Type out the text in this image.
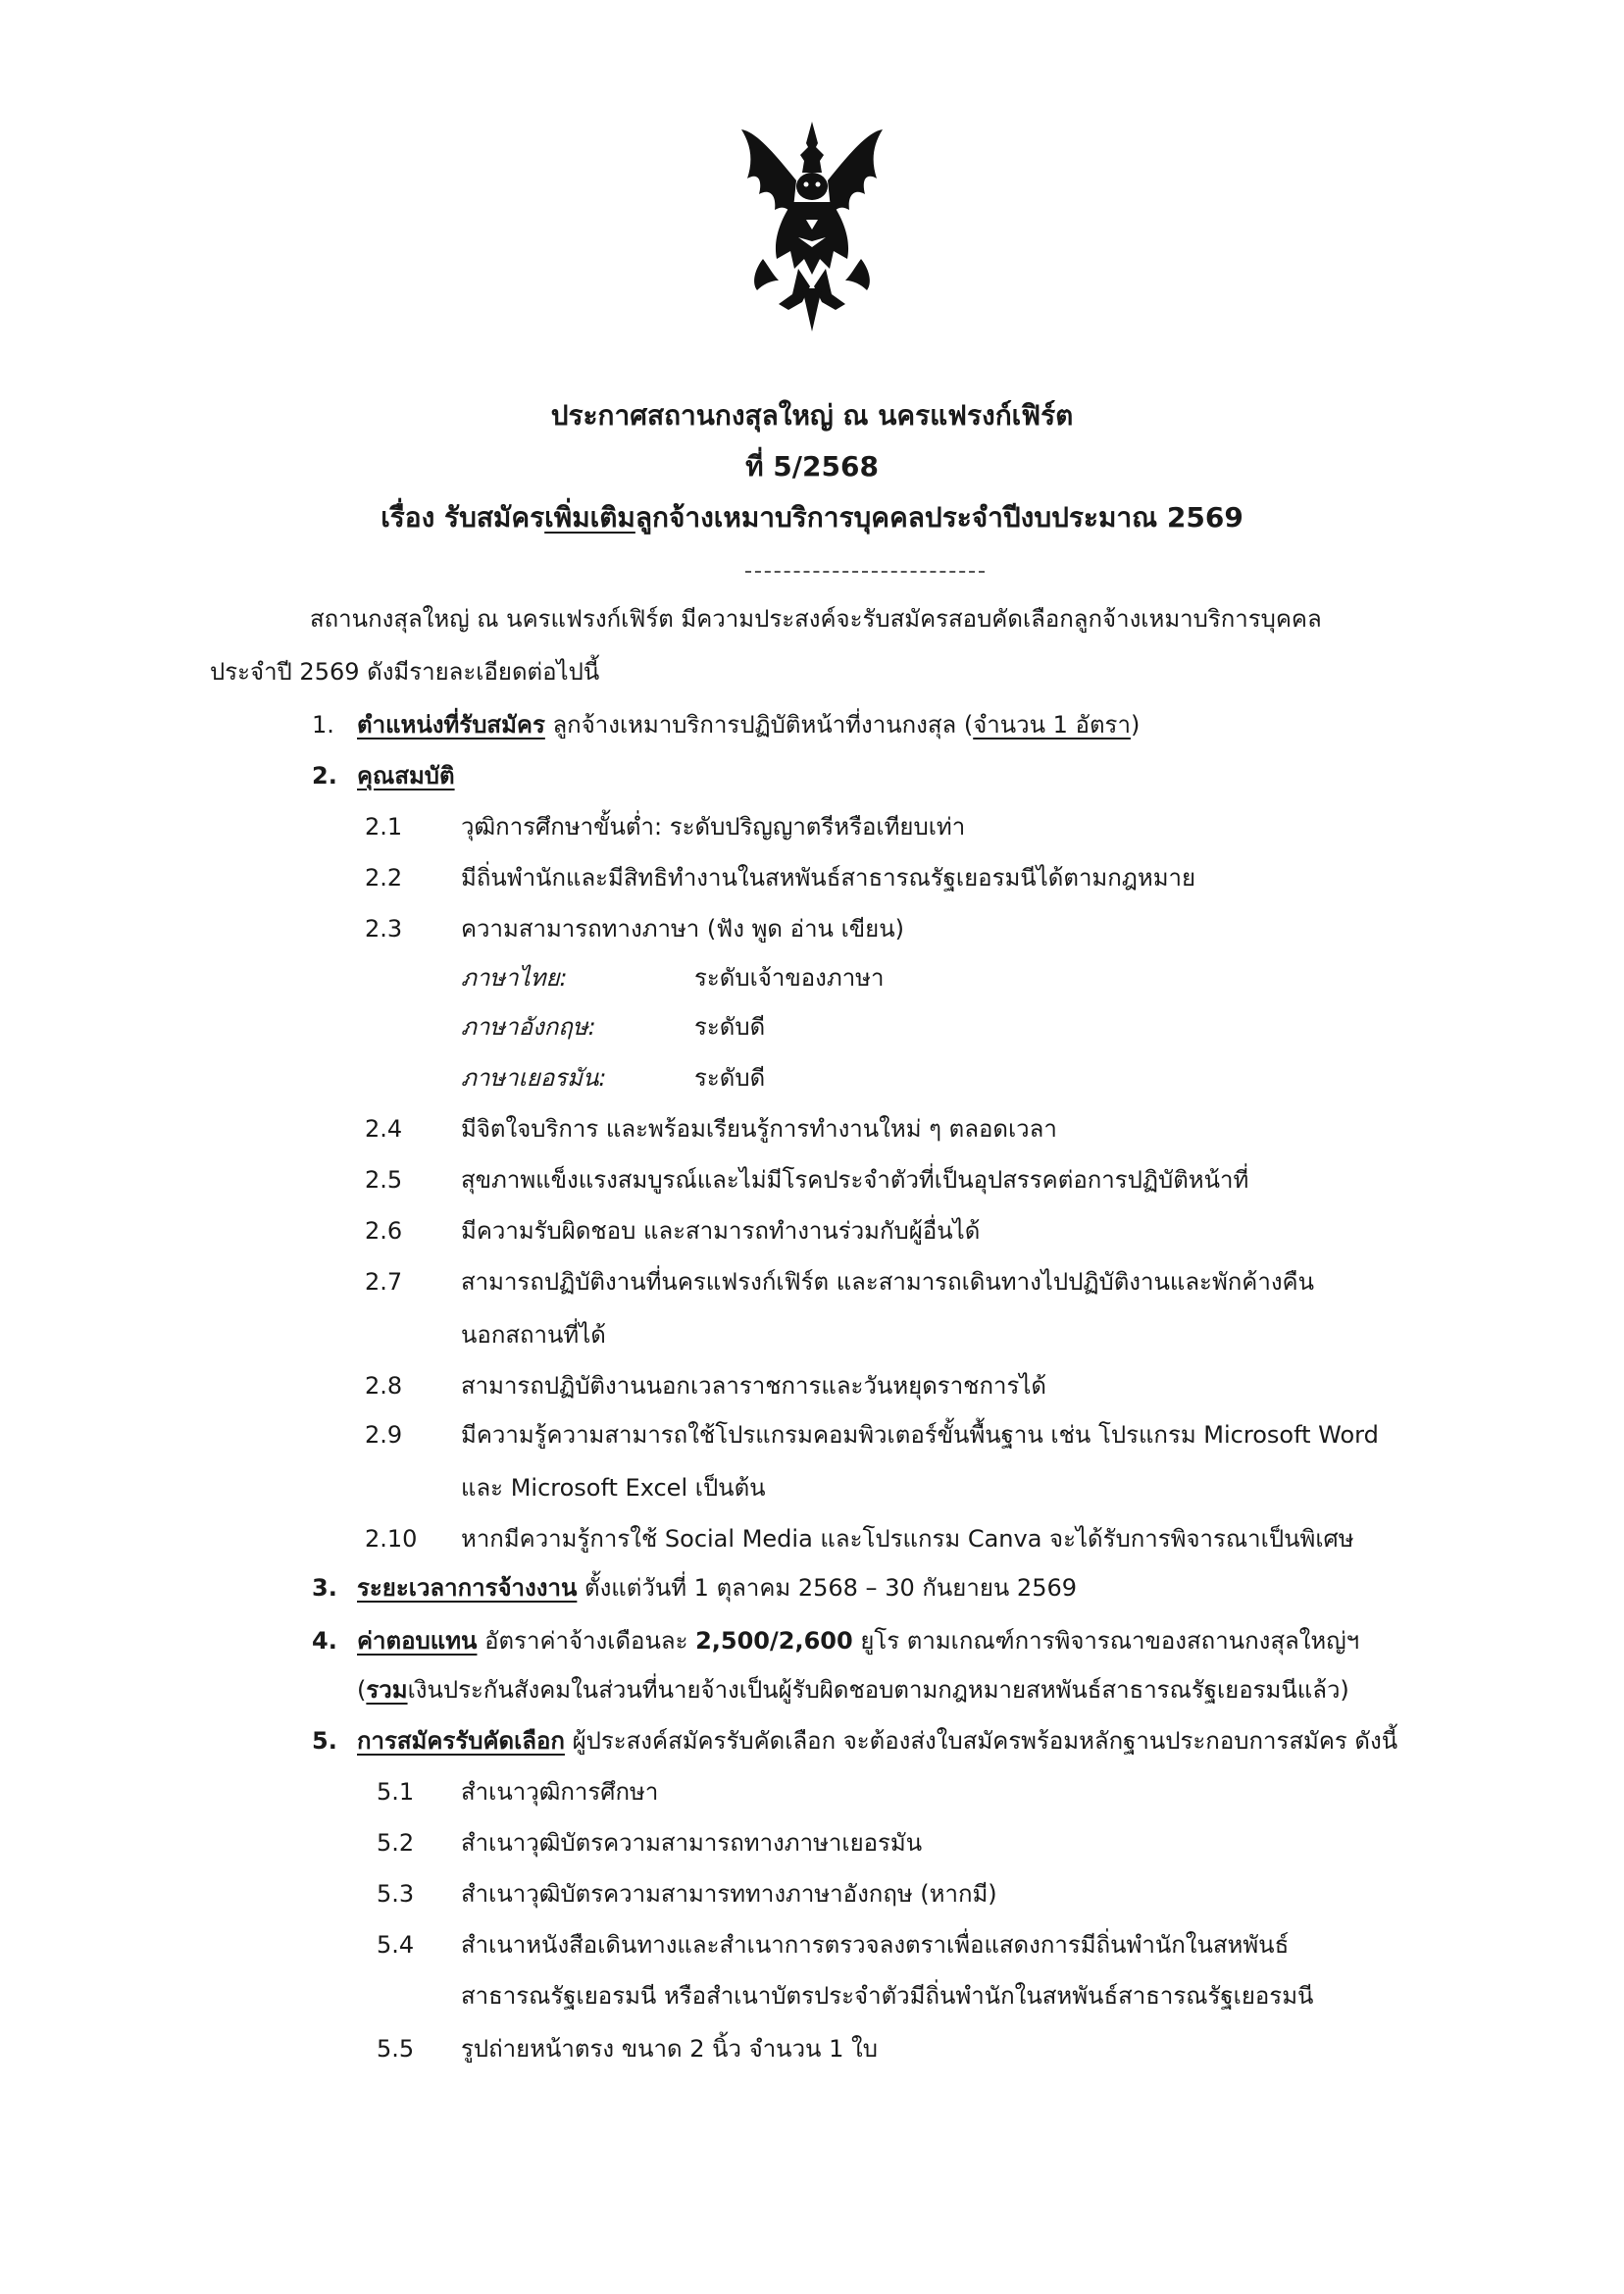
ประกาศสถานกงสุลใหญ่ ณ นครแฟรงก์เฟิร์ต
ที่ 5/2568
เรื่อง รับสมัครเพิ่มเติมลูกจ้างเหมาบริการบุคคลประจำปีงบประมาณ 2569
สถานกงสุลใหญ่ ณ นครแฟรงก์เฟิร์ต มีความประสงค์จะรับสมัครสอบคัดเลือกลูกจ้างเหมาบริการบุคคล
ประจำปี 2569 ดังมีรายละเอียดต่อไปนี้
1. ตำแหน่งที่รับสมัคร ลูกจ้างเหมาบริการปฏิบัติหน้าที่งานกงสุล (จำนวน 1 อัตรา)
2. คุณสมบัติ
2.1 วุฒิการศึกษาขั้นต่ำ: ระดับปริญญาตรีหรือเทียบเท่า
2.2 มีถิ่นพำนักและมีสิทธิทำงานในสหพันธ์สาธารณรัฐเยอรมนีได้ตามกฎหมาย
2.3 ความสามารถทางภาษา (ฟัง พูด อ่าน เขียน)
ภาษาไทย:	ระดับเจ้าของภาษา
ภาษาอังกฤษ:	ระดับดี
ภาษาเยอรมัน:	ระดับดี
2.4 มีจิตใจบริการ และพร้อมเรียนรู้การทำงานใหม่ ๆ ตลอดเวลา
2.5 สุขภาพแข็งแรงสมบูรณ์และไม่มีโรคประจำตัวที่เป็นอุปสรรคต่อการปฏิบัติหน้าที่
2.6 มีความรับผิดชอบ และสามารถทำงานร่วมกับผู้อื่นได้
2.7 สามารถปฏิบัติงานที่นครแฟรงก์เฟิร์ต และสามารถเดินทางไปปฏิบัติงานและพักค้างคืน
นอกสถานที่ได้
2.8 สามารถปฏิบัติงานนอกเวลาราชการและวันหยุดราชการได้
2.9 มีความรู้ความสามารถใช้โปรแกรมคอมพิวเตอร์ขั้นพื้นฐาน เช่น โปรแกรม Microsoft Word
และ Microsoft Excel เป็นต้น
2.10 หากมีความรู้การใช้ Social Media และโปรแกรม Canva จะได้รับการพิจารณาเป็นพิเศษ
3. ระยะเวลาการจ้างงาน ตั้งแต่วันที่ 1 ตุลาคม 2568 – 30 กันยายน 2569
4. ค่าตอบแทน อัตราค่าจ้างเดือนละ 2,500/2,600 ยูโร ตามเกณฑ์การพิจารณาของสถานกงสุลใหญ่ฯ
(รวมเงินประกันสังคมในส่วนที่นายจ้างเป็นผู้รับผิดชอบตามกฎหมายสหพันธ์สาธารณรัฐเยอรมนีแล้ว)
5. การสมัครรับคัดเลือก ผู้ประสงค์สมัครรับคัดเลือก จะต้องส่งใบสมัครพร้อมหลักฐานประกอบการสมัคร ดังนี้
5.1 สำเนาวุฒิการศึกษา
5.2 สำเนาวุฒิบัตรความสามารถทางภาษาเยอรมัน
5.3 สำเนาวุฒิบัตรความสามารททางภาษาอังกฤษ (หากมี)
5.4 สำเนาหนังสือเดินทางและสำเนาการตรวจลงตราเพื่อแสดงการมีถิ่นพำนักในสหพันธ์
สาธารณรัฐเยอรมนี หรือสำเนาบัตรประจำตัวมีถิ่นพำนักในสหพันธ์สาธารณรัฐเยอรมนี
5.5 รูปถ่ายหน้าตรง ขนาด 2 นิ้ว จำนวน 1 ใบ
